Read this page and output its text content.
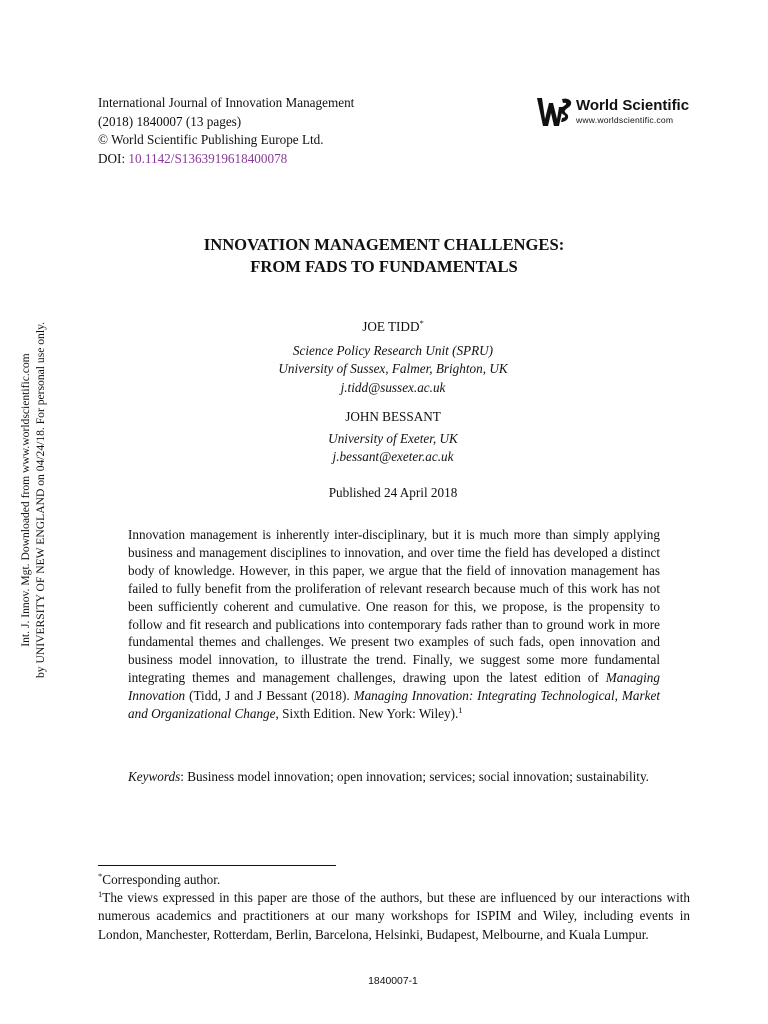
Int. J. Innov. Mgt. Downloaded from www.worldscientific.com by UNIVERSITY OF NEW ENGLAND on 04/24/18. For personal use only.
International Journal of Innovation Management
(2018) 1840007 (13 pages)
© World Scientific Publishing Europe Ltd.
DOI: 10.1142/S1363919618400078
World Scientific
www.worldscientific.com
INNOVATION MANAGEMENT CHALLENGES:
FROM FADS TO FUNDAMENTALS
JOE TIDD*
Science Policy Research Unit (SPRU)
University of Sussex, Falmer, Brighton, UK
j.tidd@sussex.ac.uk
JOHN BESSANT
University of Exeter, UK
j.bessant@exeter.ac.uk
Published 24 April 2018

Innovation management is inherently inter-disciplinary, but it is much more than simply applying business and management disciplines to innovation, and over time the field has developed a distinct body of knowledge. However, in this paper, we argue that the field of innovation management has failed to fully benefit from the proliferation of relevant research because much of this work has not been sufficiently coherent and cumulative. One reason for this, we propose, is the propensity to follow and fit research and publications into contemporary fads rather than to ground work in more fundamental themes and challenges. We present two examples of such fads, open innovation and business model innovation, to illustrate the trend. Finally, we suggest some more fundamental integrating themes and management challenges, drawing upon the latest edition of Managing Innovation (Tidd, J and J Bessant (2018). Managing Innovation: Integrating Technological, Market and Organizational Change, Sixth Edition. New York: Wiley).$^1$

Keywords: Business model innovation; open innovation; services; social innovation; sustainability.

*Corresponding author.

$^1$The views expressed in this paper are those of the authors, but these are influenced by our interactions with numerous academics and practitioners at our many workshops for ISPIM and Wiley, including events in London, Manchester, Rotterdam, Berlin, Barcelona, Helsinki, Budapest, Melbourne, and Kuala Lumpur.

1840007-1
